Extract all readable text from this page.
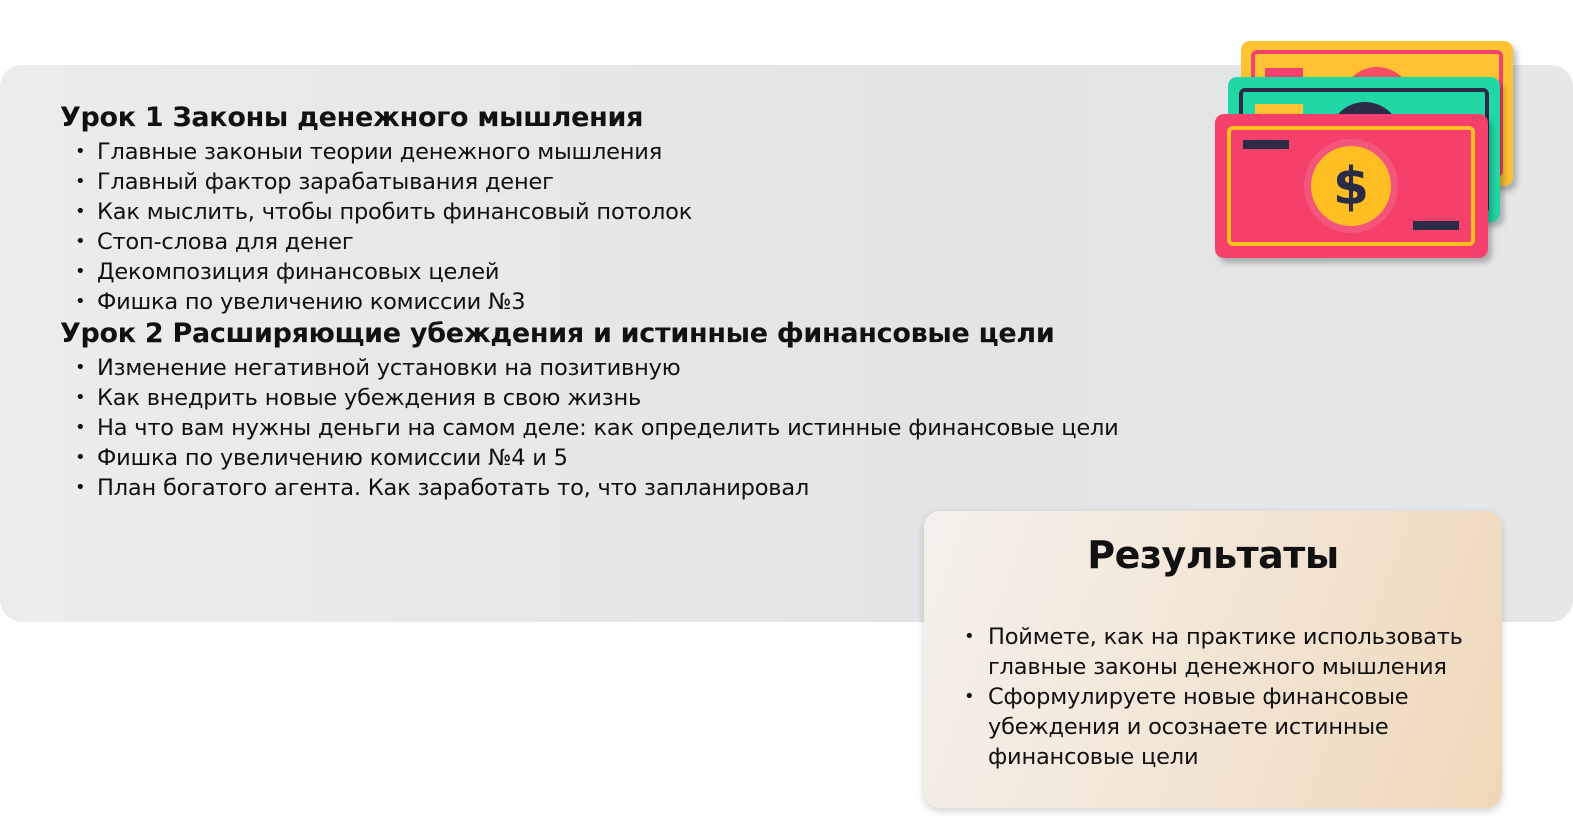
Урок 1 Законы денежного мышления
• Главные законыи теории денежного мышления
• Главный фактор зарабатывания денег
• Как мыслить, чтобы пробить финансовый потолок
• Стоп-слова для денег
• Декомпозиция финансовых целей
• Фишка по увеличению комиссии №3
Урок 2 Расширяющие убеждения и истинные финансовые цели
• Изменение негативной установки на позитивную
• Как внедрить новые убеждения в свою жизнь
• На что вам нужны деньги на самом деле: как определить истинные финансовые цели
• Фишка по увеличению комиссии №4 и 5
• План богатого агента. Как заработать то, что запланировал
$
Результаты
• Поймете, как на практике использовать главные законы денежного мышления
• Сформулируете новые финансовые убеждения и осознаете истинные финансовые цели
